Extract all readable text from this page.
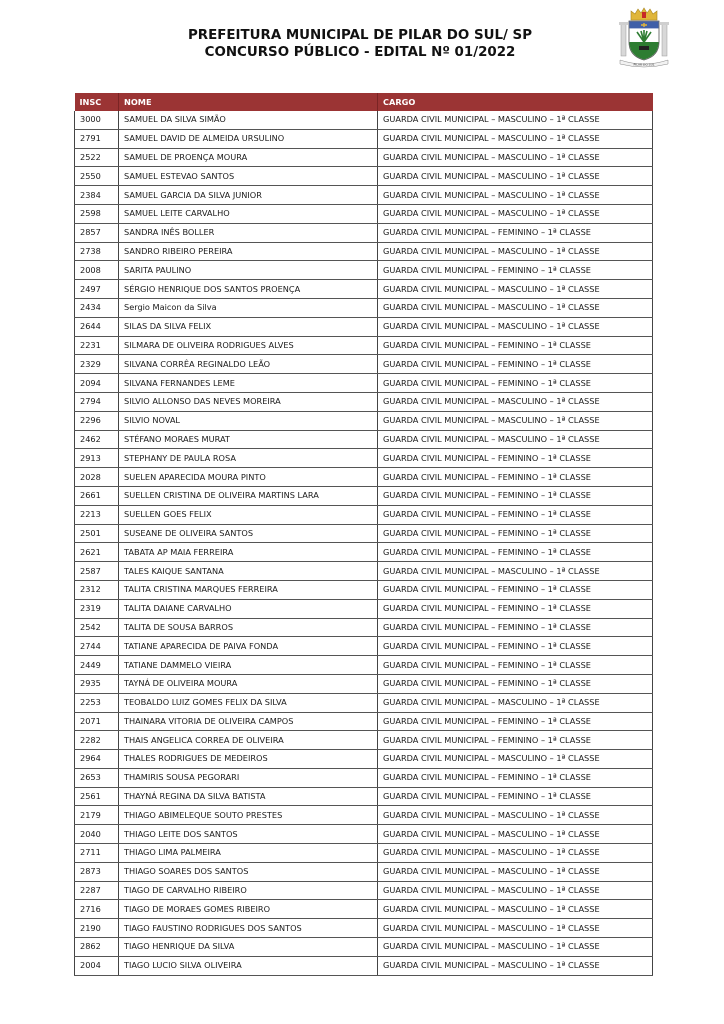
PREFEITURA MUNICIPAL DE PILAR DO SUL/ SP
CONCURSO PÚBLICO - EDITAL Nº 01/2022
PILAR DO SUL
INSC	NOME	CARGO
3000	SAMUEL DA SILVA SIMÃO	GUARDA CIVIL MUNICIPAL – MASCULINO – 1ª CLASSE
2791	SAMUEL DAVID DE ALMEIDA URSULINO	GUARDA CIVIL MUNICIPAL – MASCULINO – 1ª CLASSE
2522	SAMUEL DE PROENÇA MOURA	GUARDA CIVIL MUNICIPAL – MASCULINO – 1ª CLASSE
2550	SAMUEL ESTEVAO SANTOS	GUARDA CIVIL MUNICIPAL – MASCULINO – 1ª CLASSE
2384	SAMUEL GARCIA DA SILVA JUNIOR	GUARDA CIVIL MUNICIPAL – MASCULINO – 1ª CLASSE
2598	SAMUEL LEITE CARVALHO	GUARDA CIVIL MUNICIPAL – MASCULINO – 1ª CLASSE
2857	SANDRA INÊS BOLLER	GUARDA CIVIL MUNICIPAL – FEMININO – 1ª CLASSE
2738	SANDRO RIBEIRO PEREIRA	GUARDA CIVIL MUNICIPAL – MASCULINO – 1ª CLASSE
2008	SARITA PAULINO	GUARDA CIVIL MUNICIPAL – FEMININO – 1ª CLASSE
2497	SÉRGIO HENRIQUE DOS SANTOS PROENÇA	GUARDA CIVIL MUNICIPAL – MASCULINO – 1ª CLASSE
2434	Sergio Maicon da Silva	GUARDA CIVIL MUNICIPAL – MASCULINO – 1ª CLASSE
2644	SILAS DA SILVA FELIX	GUARDA CIVIL MUNICIPAL – MASCULINO – 1ª CLASSE
2231	SILMARA DE OLIVEIRA RODRIGUES ALVES	GUARDA CIVIL MUNICIPAL – FEMININO – 1ª CLASSE
2329	SILVANA CORRÊA REGINALDO LEÃO	GUARDA CIVIL MUNICIPAL – FEMININO – 1ª CLASSE
2094	SILVANA FERNANDES LEME	GUARDA CIVIL MUNICIPAL – FEMININO – 1ª CLASSE
2794	SILVIO ALLONSO DAS NEVES MOREIRA	GUARDA CIVIL MUNICIPAL – MASCULINO – 1ª CLASSE
2296	SILVIO NOVAL	GUARDA CIVIL MUNICIPAL – MASCULINO – 1ª CLASSE
2462	STÉFANO MORAES MURAT	GUARDA CIVIL MUNICIPAL – MASCULINO – 1ª CLASSE
2913	STEPHANY DE PAULA ROSA	GUARDA CIVIL MUNICIPAL – FEMININO – 1ª CLASSE
2028	SUELEN APARECIDA MOURA PINTO	GUARDA CIVIL MUNICIPAL – FEMININO – 1ª CLASSE
2661	SUELLEN CRISTINA DE OLIVEIRA MARTINS LARA	GUARDA CIVIL MUNICIPAL – FEMININO – 1ª CLASSE
2213	SUELLEN GOES FELIX	GUARDA CIVIL MUNICIPAL – FEMININO – 1ª CLASSE
2501	SUSEANE DE OLIVEIRA SANTOS	GUARDA CIVIL MUNICIPAL – FEMININO – 1ª CLASSE
2621	TABATA AP MAIA FERREIRA	GUARDA CIVIL MUNICIPAL – FEMININO – 1ª CLASSE
2587	TALES KAIQUE SANTANA	GUARDA CIVIL MUNICIPAL – MASCULINO – 1ª CLASSE
2312	TALITA CRISTINA MARQUES FERREIRA	GUARDA CIVIL MUNICIPAL – FEMININO – 1ª CLASSE
2319	TALITA DAIANE CARVALHO	GUARDA CIVIL MUNICIPAL – FEMININO – 1ª CLASSE
2542	TALITA DE SOUSA BARROS	GUARDA CIVIL MUNICIPAL – FEMININO – 1ª CLASSE
2744	TATIANE APARECIDA DE PAIVA FONDA	GUARDA CIVIL MUNICIPAL – FEMININO – 1ª CLASSE
2449	TATIANE DAMMELO VIEIRA	GUARDA CIVIL MUNICIPAL – FEMININO – 1ª CLASSE
2935	TAYNÁ DE OLIVEIRA MOURA	GUARDA CIVIL MUNICIPAL – FEMININO – 1ª CLASSE
2253	TEOBALDO LUIZ GOMES FELIX DA SILVA	GUARDA CIVIL MUNICIPAL – MASCULINO – 1ª CLASSE
2071	THAINARA VITORIA DE OLIVEIRA CAMPOS	GUARDA CIVIL MUNICIPAL – FEMININO – 1ª CLASSE
2282	THAIS ANGELICA CORREA DE OLIVEIRA	GUARDA CIVIL MUNICIPAL – FEMININO – 1ª CLASSE
2964	THALES RODRIGUES DE MEDEIROS	GUARDA CIVIL MUNICIPAL – MASCULINO – 1ª CLASSE
2653	THAMIRIS SOUSA PEGORARI	GUARDA CIVIL MUNICIPAL – FEMININO – 1ª CLASSE
2561	THAYNÁ REGINA DA SILVA BATISTA	GUARDA CIVIL MUNICIPAL – FEMININO – 1ª CLASSE
2179	THIAGO ABIMELEQUE SOUTO PRESTES	GUARDA CIVIL MUNICIPAL – MASCULINO – 1ª CLASSE
2040	THIAGO LEITE DOS SANTOS	GUARDA CIVIL MUNICIPAL – MASCULINO – 1ª CLASSE
2711	THIAGO LIMA PALMEIRA	GUARDA CIVIL MUNICIPAL – MASCULINO – 1ª CLASSE
2873	THIAGO SOARES DOS SANTOS	GUARDA CIVIL MUNICIPAL – MASCULINO – 1ª CLASSE
2287	TIAGO DE CARVALHO RIBEIRO	GUARDA CIVIL MUNICIPAL – MASCULINO – 1ª CLASSE
2716	TIAGO DE MORAES GOMES RIBEIRO	GUARDA CIVIL MUNICIPAL – MASCULINO – 1ª CLASSE
2190	TIAGO FAUSTINO RODRIGUES DOS SANTOS	GUARDA CIVIL MUNICIPAL – MASCULINO – 1ª CLASSE
2862	TIAGO HENRIQUE DA SILVA	GUARDA CIVIL MUNICIPAL – MASCULINO – 1ª CLASSE
2004	TIAGO LUCIO SILVA OLIVEIRA	GUARDA CIVIL MUNICIPAL – MASCULINO – 1ª CLASSE
